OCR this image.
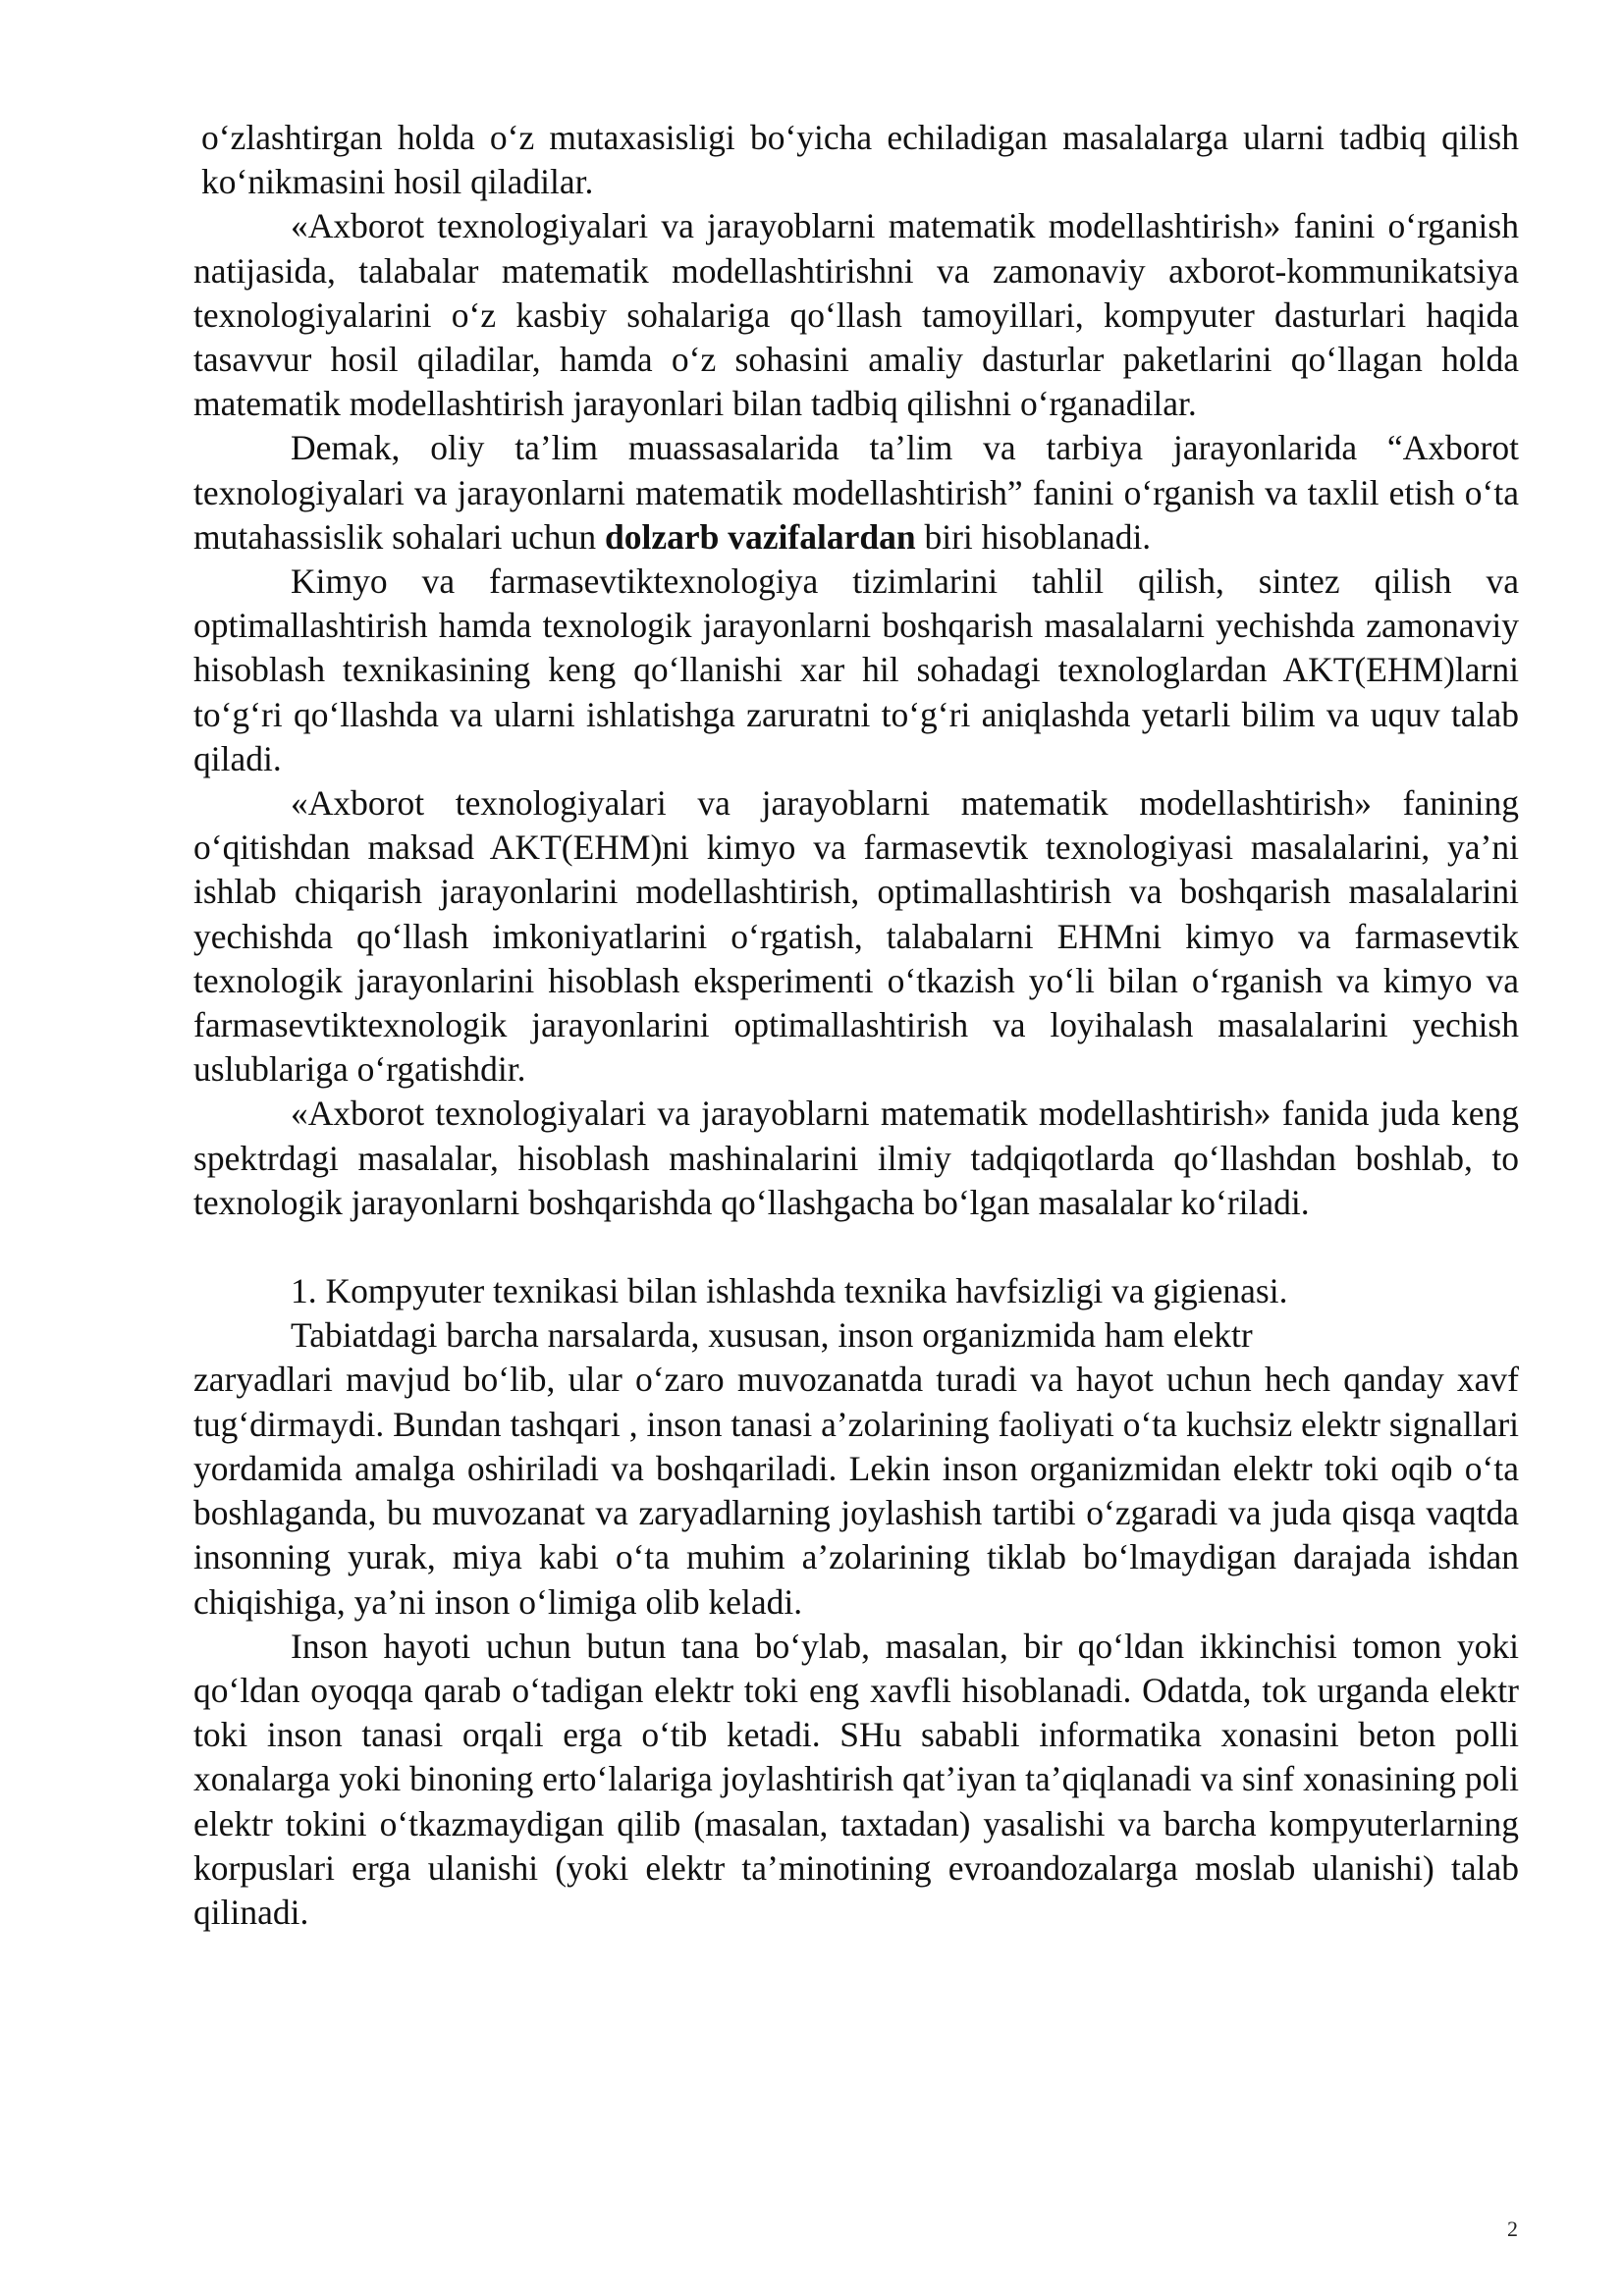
o‘zlashtirgan holda o‘z mutaxasisligi bo‘yicha echiladigan masalalarga ularni tadbiq qilish ko‘nikmasini hosil qiladilar.

«Axborot texnologiyalari va jarayoblarni matematik modellashtirish» fanini o‘rganish natijasida, talabalar matematik modellashtirishni va zamonaviy axborot-kommunikatsiya texnologiyalarini o‘z kasbiy sohalariga qo‘llash tamoyillari, kompyuter dasturlari haqida tasavvur hosil qiladilar, hamda o‘z sohasini amaliy dasturlar paketlarini qo‘llagan holda matematik modellashtirish jarayonlari bilan tadbiq qilishni o‘rganadilar.

Demak, oliy ta’lim muassasalarida ta’lim va tarbiya jarayonlarida “Axborot texnologiyalari va jarayonlarni matematik modellashtirish” fanini o‘rganish va taxlil etish o‘ta mutahassislik sohalari uchun dolzarb vazifalardan biri hisoblanadi.

Kimyo va farmasevtiktexnologiya tizimlarini tahlil qilish, sintez qilish va optimallashtirish hamda texnologik jarayonlarni boshqarish masalalarni yechishda zamonaviy hisoblash texnikasining keng qo‘llanishi xar hil sohadagi texnologlardan AKT(EHM)larni to‘g‘ri qo‘llashda va ularni ishlatishga zaruratni to‘g‘ri aniqlashda yetarli bilim va uquv talab qiladi.

«Axborot texnologiyalari va jarayoblarni matematik modellashtirish» fanining o‘qitishdan maksad AKT(EHM)ni kimyo va farmasevtik texnologiyasi masalalarini, ya’ni ishlab chiqarish jarayonlarini modellashtirish, optimallashtirish va boshqarish masalalarini yechishda qo‘llash imkoniyatlarini o‘rgatish, talabalarni EHMni kimyo va farmasevtik texnologik jarayonlarini hisoblash eksperimenti o‘tkazish yo‘li bilan o‘rganish va kimyo va farmasevtiktexnologik jarayonlarini optimallashtirish va loyihalash masalalarini yechish uslublariga o‘rgatishdir.

«Axborot texnologiyalari va jarayoblarni matematik modellashtirish» fanida juda keng spektrdagi masalalar, hisoblash mashinalarini ilmiy tadqiqotlarda qo‘llashdan boshlab, to texnologik jarayonlarni boshqarishda qo‘llashgacha bo‘lgan masalalar ko‘riladi.

1. Kompyuter texnikasi bilan ishlashda texnika havfsizligi va gigienasi.

Tabiatdagi barcha narsalarda, xususan, inson organizmida ham elektr

zaryadlari mavjud bo‘lib, ular o‘zaro muvozanatda turadi va hayot uchun hech qanday xavf tug‘dirmaydi. Bundan tashqari , inson tanasi a’zolarining faoliyati o‘ta kuchsiz elektr signallari yordamida amalga oshiriladi va boshqariladi. Lekin inson organizmidan elektr toki oqib o‘ta boshlaganda, bu muvozanat va zaryadlarning joylashish tartibi o‘zgaradi va juda qisqa vaqtda insonning yurak, miya kabi o‘ta muhim a’zolarining tiklab bo‘lmaydigan darajada ishdan chiqishiga, ya’ni inson o‘limiga olib keladi.

Inson hayoti uchun butun tana bo‘ylab, masalan, bir qo‘ldan ikkinchisi tomon yoki qo‘ldan oyoqqa qarab o‘tadigan elektr toki eng xavfli hisoblanadi. Odatda, tok urganda elektr toki inson tanasi orqali erga o‘tib ketadi. SHu sababli informatika xonasini beton polli xonalarga yoki binoning erto‘lalariga joylashtirish qat’iyan ta’qiqlanadi va sinf xonasining poli elektr tokini o‘tkazmaydigan qilib (masalan, taxtadan) yasalishi va barcha kompyuterlarning korpuslari erga ulanishi (yoki elektr ta’minotining evroandozalarga moslab ulanishi) talab qilinadi.

2
